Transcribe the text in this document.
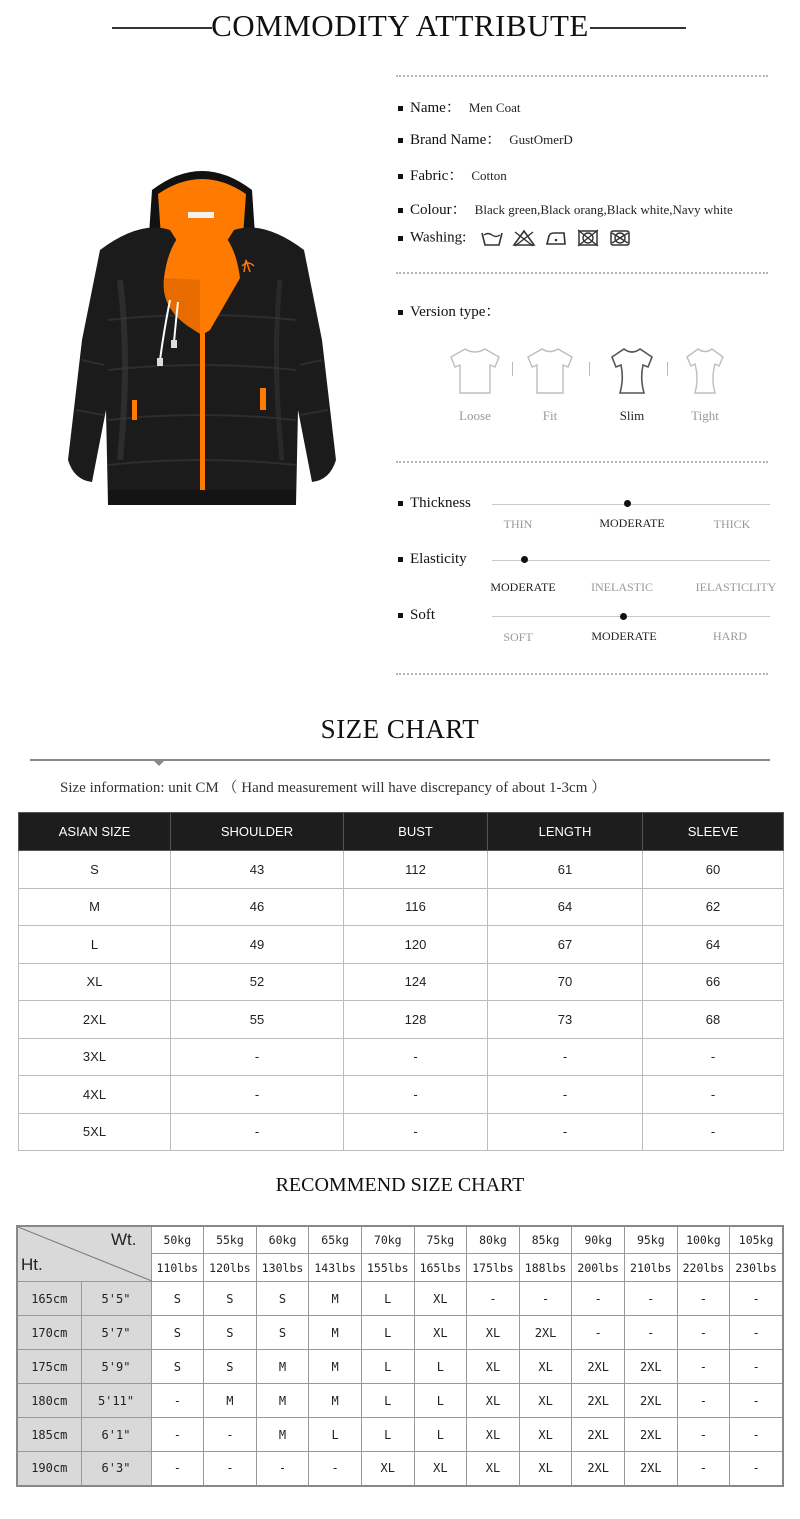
COMMODITY ATTRIBUTE
Name： Men Coat
Brand Name： GustOmerD
Fabric： Cotton
Colour： Black green,Black orang,Black white,Navy white
Washing:
Version type：
Loose	Fit	Slim	Tight
Thickness
THIN	MODERATE	THICK
Elasticity
MODERATE	INELASTIC	IELASTICLITY
Soft
SOFT	MODERATE	HARD
SIZE CHART
Size information: unit CM （ Hand measurement will have discrepancy of about 1-3cm ）
ASIAN SIZE	SHOULDER	BUST	LENGTH	SLEEVE
S	43	112	61	60
M	46	116	64	62
L	49	120	67	64
XL	52	124	70	66
2XL	55	128	73	68
3XL	-	-	-	-
4XL	-	-	-	-
5XL	-	-	-	-
RECOMMEND SIZE CHART
Wt.
Ht.		50kg	55kg	60kg	65kg	70kg	75kg	80kg	85kg	90kg	95kg	100kg	105kg
		110lbs	120lbs	130lbs	143lbs	155lbs	165lbs	175lbs	188lbs	200lbs	210lbs	220lbs	230lbs
165cm	5'5"	S	S	S	M	L	XL	-	-	-	-	-	-
170cm	5'7"	S	S	S	M	L	XL	XL	2XL	-	-	-	-
175cm	5'9"	S	S	M	M	L	L	XL	XL	2XL	2XL	-	-
180cm	5'11"	-	M	M	M	L	L	XL	XL	2XL	2XL	-	-
185cm	6'1"	-	-	M	L	L	L	XL	XL	2XL	2XL	-	-
190cm	6'3"	-	-	-	-	XL	XL	XL	XL	2XL	2XL	-	-
